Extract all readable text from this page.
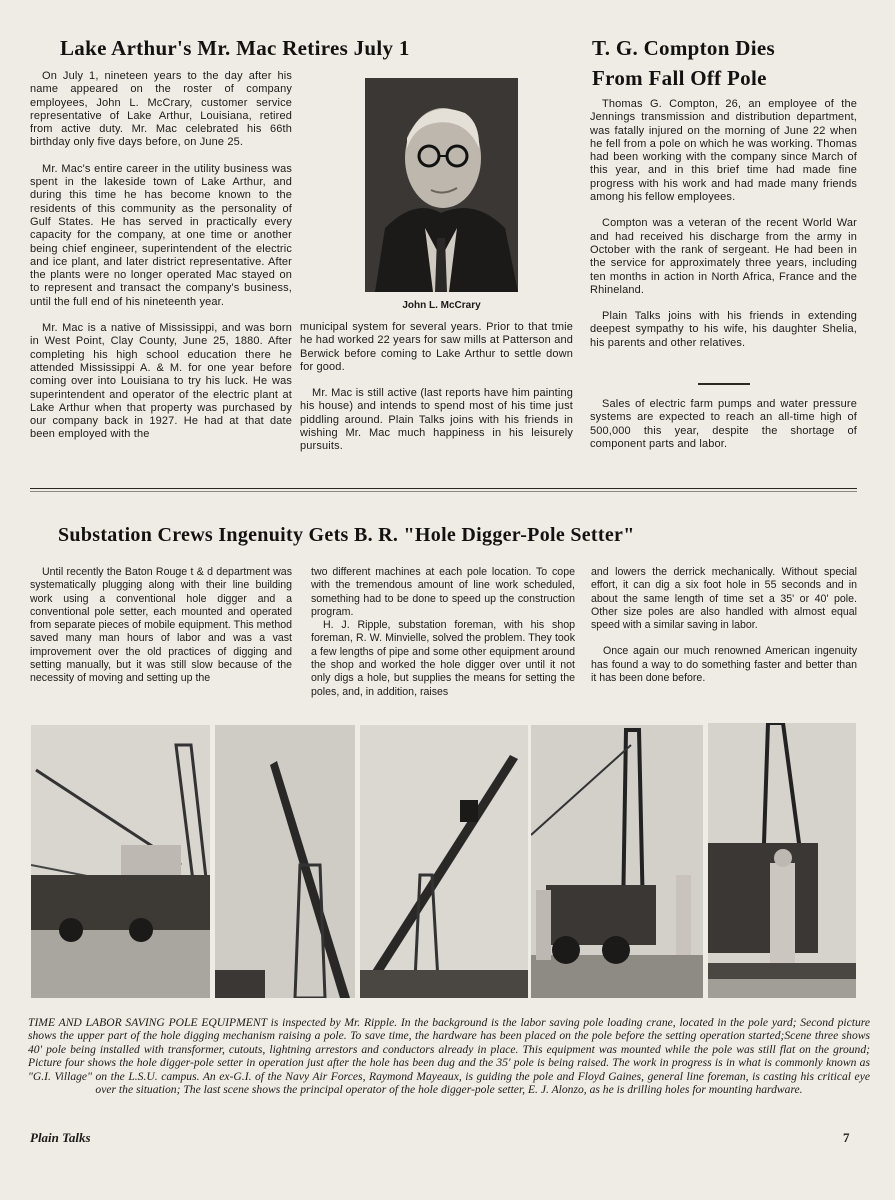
Lake Arthur's Mr. Mac Retires July 1

On July 1, nineteen years to the day after his name appeared on the roster of company employees, John L. McCrary, customer service representative of Lake Arthur, Louisiana, retired from active duty. Mr. Mac celebrated his 66th birthday only five days before, on June 25.

Mr. Mac's entire career in the utility business was spent in the lakeside town of Lake Arthur, and during this time he has become known to the residents of this community as the personality of Gulf States. He has served in practically every capacity for the company, at one time or another being chief engineer, superintendent of the electric and ice plant, and later district representative. After the plants were no longer operated Mac stayed on to represent and transact the company's business, until the full end of his nineteenth year.

Mr. Mac is a native of Mississippi, and was born in West Point, Clay County, June 25, 1880. After completing his high school education there he attended Mississippi A. & M. for one year before coming over into Louisiana to try his luck. He was superintendent and operator of the electric plant at Lake Arthur when that property was purchased by our company back in 1927. He had at that date been employed with the

John L. McCrary

municipal system for several years. Prior to that tmie he had worked 22 years for saw mills at Patterson and Berwick before coming to Lake Arthur to settle down for good.

Mr. Mac is still active (last reports have him painting his house) and intends to spend most of his time just piddling around. Plain Talks joins with his friends in wishing Mr. Mac much happiness in his leisurely pursuits.

T. G. Compton Dies
From Fall Off Pole

Thomas G. Compton, 26, an employee of the Jennings transmission and distribution department, was fatally injured on the morning of June 22 when he fell from a pole on which he was working. Thomas had been working with the company since March of this year, and in this brief time had made fine progress with his work and had made many friends among his fellow employees.

Compton was a veteran of the recent World War and had received his discharge from the army in October with the rank of sergeant. He had been in the service for approximately three years, including ten months in action in North Africa, France and the Rhineland.

Plain Talks joins with his friends in extending deepest sympathy to his wife, his daughter Shelia, his parents and other relatives.

Sales of electric farm pumps and water pressure systems are expected to reach an all-time high of 500,000 this year, despite the shortage of component parts and labor.

Substation Crews Ingenuity Gets B. R. "Hole Digger-Pole Setter"

Until recently the Baton Rouge t & d department was systematically plugging along with their line building work using a conventional hole digger and a conventional pole setter, each mounted and operated from separate pieces of mobile equipment. This method saved many man hours of labor and was a vast improvement over the old practices of digging and setting manually, but it was still slow because of the necessity of moving and setting up the

two different machines at each pole location. To cope with the tremendous amount of line work scheduled, something had to be done to speed up the construction program.

H. J. Ripple, substation foreman, with his shop foreman, R. W. Minvielle, solved the problem. They took a few lengths of pipe and some other equipment around the shop and worked the hole digger over until it not only digs a hole, but supplies the means for setting the poles, and, in addition, raises

and lowers the derrick mechanically. Without special effort, it can dig a six foot hole in 55 seconds and in about the same length of time set a 35' or 40' pole. Other size poles are also handled with almost equal speed with a similar saving in labor.

Once again our much renowned American ingenuity has found a way to do something faster and better than it has been done before.

TIME AND LABOR SAVING POLE EQUIPMENT is inspected by Mr. Ripple. In the background is the labor saving pole loading crane, located in the pole yard; Second picture shows the upper part of the hole digging mechanism raising a pole. To save time, the hardware has been placed on the pole before the setting operation started;Scene three shows 40' pole being installed with transformer, cutouts, lightning arrestors and conductors already in place. This equipment was mounted while the pole was still flat on the ground; Picture four shows the hole digger-pole setter in operation just after the hole has been dug and the 35' pole is being raised. The work in progress is in what is commonly known as "G.I. Village" on the L.S.U. campus. An ex-G.I. of the Navy Air Forces, Raymond Mayeaux, is guiding the pole and Floyd Gaines, general line foreman, is casting his critical eye over the situation; The last scene shows the principal operator of the hole digger-pole setter, E. J. Alonzo, as he is drilling holes for mounting hardware.
Plain Talks	7
